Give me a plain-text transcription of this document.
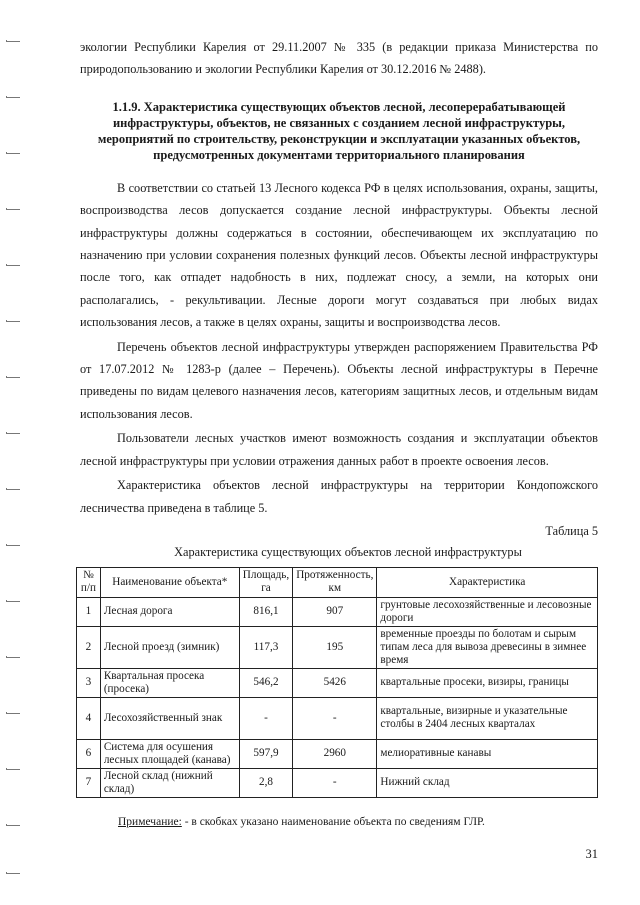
экологии Республики Карелия от 29.11.2007 № 335 (в редакции приказа Министерства по природопользованию и экологии Республики Карелия от 30.12.2016 № 2488).

1.1.9. Характеристика существующих объектов лесной, лесоперерабатывающей инфраструктуры, объектов, не связанных с созданием лесной инфраструктуры, мероприятий по строительству, реконструкции и эксплуатации указанных объектов, предусмотренных документами территориального планирования

В соответствии со статьей 13 Лесного кодекса РФ в целях использования, охраны, защиты, воспроизводства лесов допускается создание лесной инфраструктуры. Объекты лесной инфраструктуры должны содержаться в состоянии, обеспечивающем их эксплуатацию по назначению при условии сохранения полезных функций лесов. Объекты лесной инфраструктуры после того, как отпадет надобность в них, подлежат сносу, а земли, на которых они располагались, - рекультивации. Лесные дороги могут создаваться при любых видах использования лесов, а также в целях охраны, защиты и воспроизводства лесов.

Перечень объектов лесной инфраструктуры утвержден распоряжением Правительства РФ от 17.07.2012 № 1283-р (далее – Перечень). Объекты лесной инфраструктуры в Перечне приведены по видам целевого назначения лесов, категориям защитных лесов, и отдельным видам использования лесов.

Пользователи лесных участков имеют возможность создания и эксплуатации объектов лесной инфраструктуры при условии отражения данных работ в проекте освоения лесов.

Характеристика объектов лесной инфраструктуры на территории Кондопожского лесничества приведена в таблице 5.

Таблица 5
Характеристика существующих объектов лесной инфраструктуры
№ п/п	Наименование объекта*	Площадь, га	Протяженность, км	Характеристика
1	Лесная дорога	816,1	907	грунтовые лесохозяйственные и лесовозные дороги
2	Лесной проезд (зимник)	117,3	195	временные проезды по болотам и сырым типам леса для вывоза древесины в зимнее время
3	Квартальная просека (просека)	546,2	5426	квартальные просеки, визиры, границы
4	Лесохозяйственный знак	-	-	квартальные, визирные и указательные столбы в 2404 лесных кварталах
6	Система для осушения лесных площадей (канава)	597,9	2960	мелиоративные канавы
7	Лесной склад (нижний склад)	2,8	-	Нижний склад
Примечание: - в скобках указано наименование объекта по сведениям ГЛР.
31
